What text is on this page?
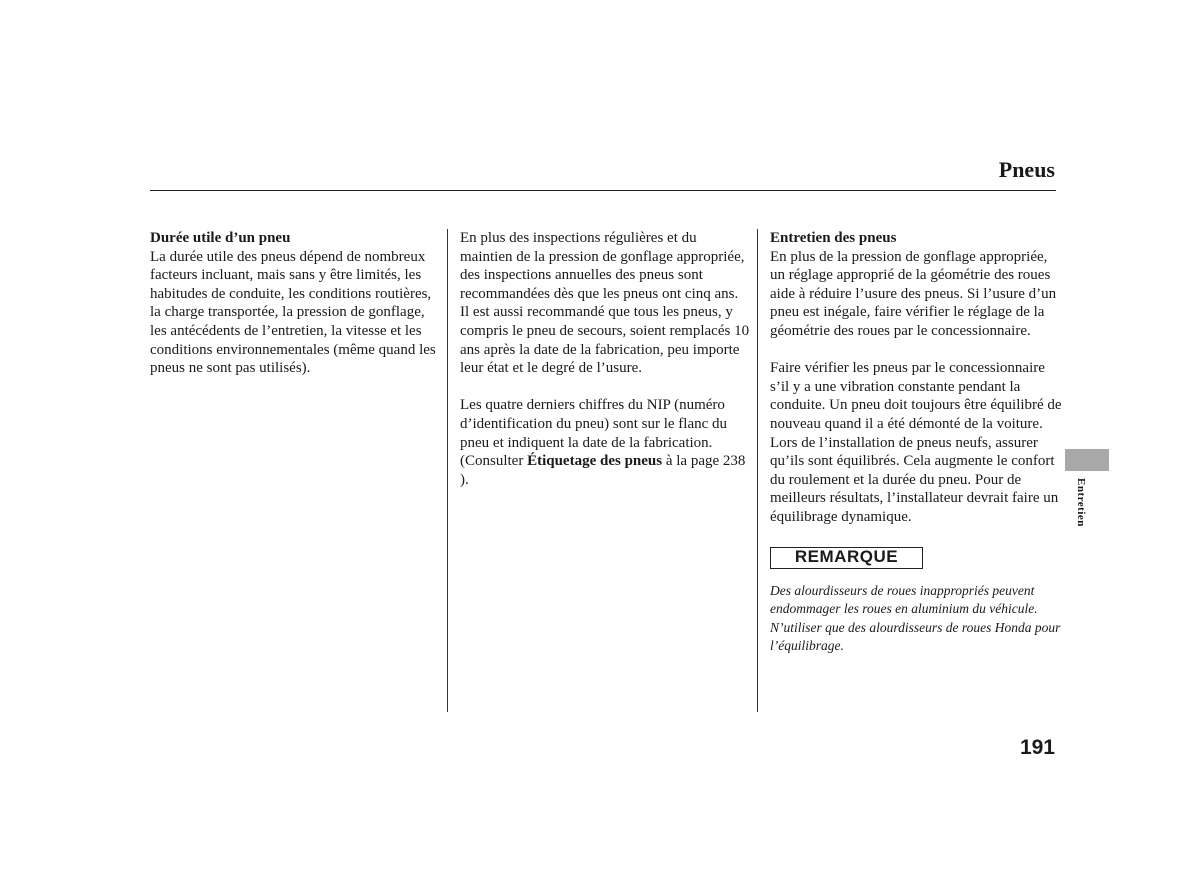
Pneus

Durée utile d’un pneu

La durée utile des pneus dépend de nombreux facteurs incluant, mais sans y être limités, les habitudes de conduite, les conditions routières, la charge transportée, la pression de gonflage, les antécédents de l’entretien, la vitesse et les conditions environnementales (même quand les pneus ne sont pas utilisés).

En plus des inspections régulières et du maintien de la pression de gonflage appropriée, des inspections annuelles des pneus sont recommandées dès que les pneus ont cinq ans. Il est aussi recommandé que tous les pneus, y compris le pneu de secours, soient remplacés 10 ans après la date de la fabrication, peu importe leur état et le degré de l’usure.

Les quatre derniers chiffres du NIP (numéro d’identification du pneu) sont sur le flanc du pneu et indiquent la date de la fabrication. (Consulter Étiquetage des pneus à la page 238 ).

Entretien des pneus

En plus de la pression de gonflage appropriée, un réglage approprié de la géométrie des roues aide à réduire l’usure des pneus. Si l’usure d’un pneu est inégale, faire vérifier le réglage de la géométrie des roues par le concessionnaire.

Faire vérifier les pneus par le concessionnaire s’il y a une vibration constante pendant la conduite. Un pneu doit toujours être équilibré de nouveau quand il a été démonté de la voiture. Lors de l’installation de pneus neufs, assurer qu’ils sont équilibrés. Cela augmente le confort du roulement et la durée du pneu. Pour de meilleurs résultats, l’installateur devrait faire un équilibrage dynamique.

REMARQUE

Des alourdisseurs de roues inappropriés peuvent endommager les roues en aluminium du véhicule. N’utiliser que des alourdisseurs de roues Honda pour l’équilibrage.

Entretien
191
